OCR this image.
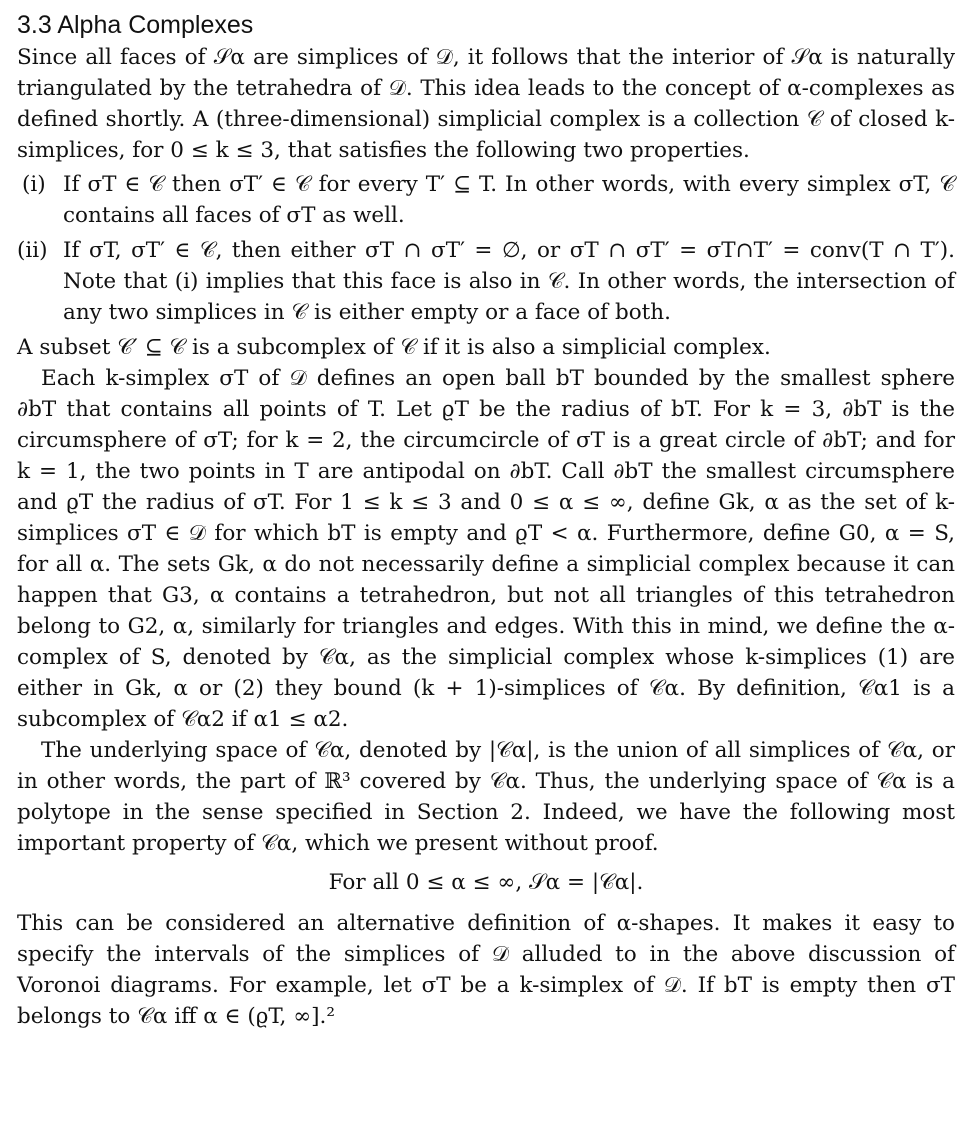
3.3 Alpha Complexes

Since all faces of 𝒮α are simplices of 𝒟, it follows that the interior of 𝒮α is naturally triangulated by the tetrahedra of 𝒟. This idea leads to the concept of α-complexes as defined shortly. A (three-dimensional) simplicial complex is a collection 𝒞 of closed k-simplices, for 0 ≤ k ≤ 3, that satisfies the following two properties.

(i) If σT ∈ 𝒞 then σT′ ∈ 𝒞 for every T′ ⊆ T. In other words, with every simplex σT, 𝒞 contains all faces of σT as well.
(ii) If σT, σT′ ∈ 𝒞, then either σT ∩ σT′ = ∅, or σT ∩ σT′ = σT∩T′ = conv(T ∩ T′). Note that (i) implies that this face is also in 𝒞. In other words, the intersection of any two simplices in 𝒞 is either empty or a face of both.

A subset 𝒞′ ⊆ 𝒞 is a subcomplex of 𝒞 if it is also a simplicial complex.

Each k-simplex σT of 𝒟 defines an open ball bT bounded by the smallest sphere ∂bT that contains all points of T. Let ϱT be the radius of bT. For k = 3, ∂bT is the circumsphere of σT; for k = 2, the circumcircle of σT is a great circle of ∂bT; and for k = 1, the two points in T are antipodal on ∂bT. Call ∂bT the smallest circumsphere and ϱT the radius of σT. For 1 ≤ k ≤ 3 and 0 ≤ α ≤ ∞, define Gk, α as the set of k-simplices σT ∈ 𝒟 for which bT is empty and ϱT < α. Furthermore, define G0, α = S, for all α. The sets Gk, α do not necessarily define a simplicial complex because it can happen that G3, α contains a tetrahedron, but not all triangles of this tetrahedron belong to G2, α, similarly for triangles and edges. With this in mind, we define the α-complex of S, denoted by 𝒞α, as the simplicial complex whose k-simplices (1) are either in Gk, α or (2) they bound (k + 1)-simplices of 𝒞α. By definition, 𝒞α1 is a subcomplex of 𝒞α2 if α1 ≤ α2.

The underlying space of 𝒞α, denoted by |𝒞α|, is the union of all simplices of 𝒞α, or in other words, the part of ℝ³ covered by 𝒞α. Thus, the underlying space of 𝒞α is a polytope in the sense specified in Section 2. Indeed, we have the following most important property of 𝒞α, which we present without proof.

For all 0 ≤ α ≤ ∞, 𝒮α = |𝒞α|.

This can be considered an alternative definition of α-shapes. It makes it easy to specify the intervals of the simplices of 𝒟 alluded to in the above discussion of Voronoi diagrams. For example, let σT be a k-simplex of 𝒟. If bT is empty then σT belongs to 𝒞α iff α ∈ (ϱT, ∞].²
